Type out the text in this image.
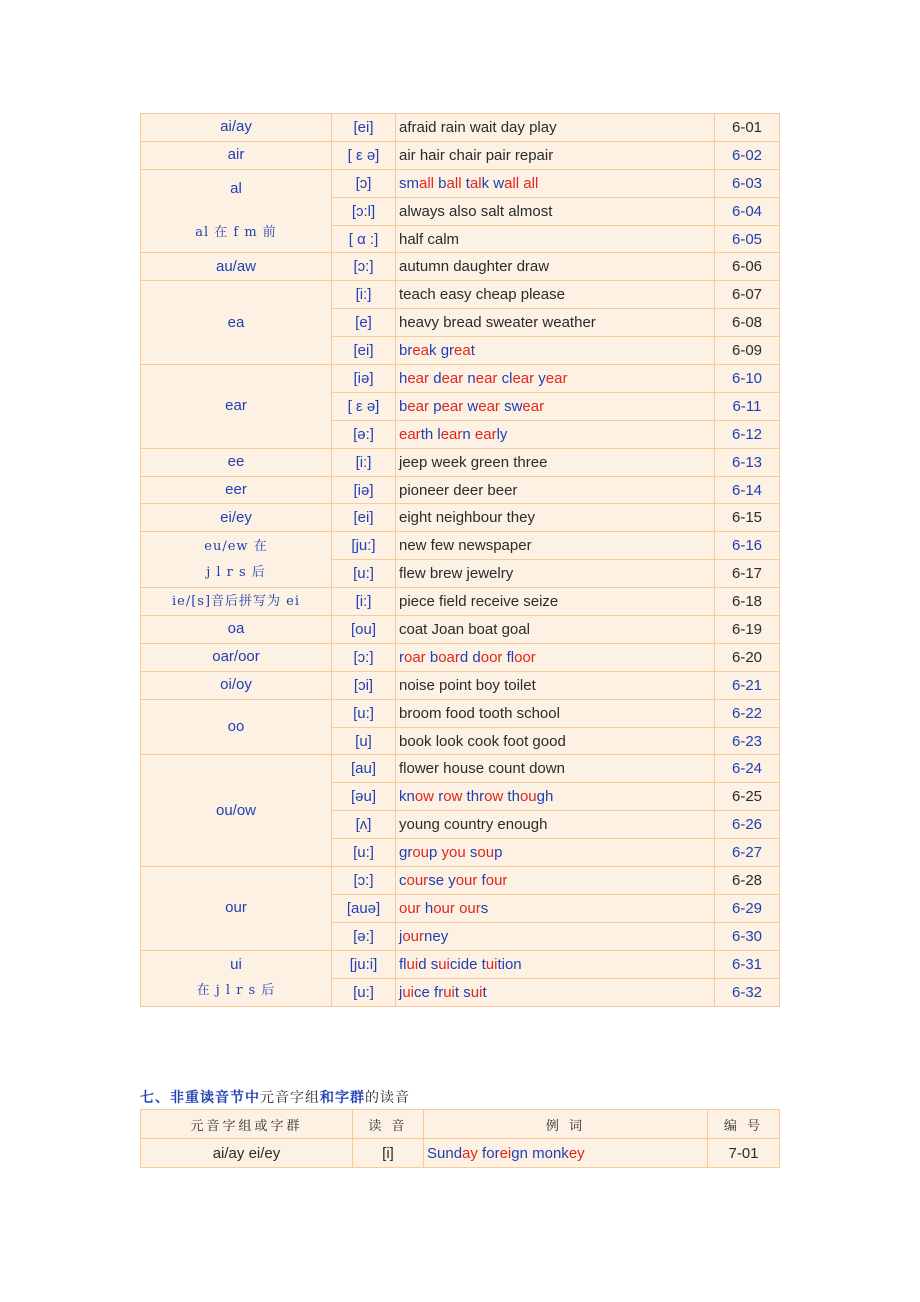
ai/ay	[ei]	afraid rain wait day play	6-01

air	[ ε ə]	air hair chair pair repair	6-02

al
al 在 f m 前	[ɔ]	small ball talk wall all	6-03
	[ɔ:l]	always also salt almost	6-04
	[ α :]	half calm	6-05

au/aw	[ɔ:]	autumn daughter draw	6-06

ea	[i:]	teach easy cheap please	6-07
	[e]	heavy bread sweater weather	6-08
	[ei]	break great	6-09

ear	[iə]	hear dear near clear year	6-10
	[ ε ə]	bear pear wear swear	6-11
	[ə:]	earth learn early	6-12

ee	[i:]	jeep week green three	6-13

eer	[iə]	pioneer deer beer	6-14

ei/ey	[ei]	eight neighbour they	6-15

eu/ew 在
j l r s 后	[ju:]	new few newspaper	6-16
	[u:]	flew brew jewelry	6-17

ie/[s]音后拼写为 ei	[i:]	piece field receive seize	6-18

oa	[ou]	coat Joan boat goal	6-19

oar/oor	[ɔ:]	roar board door floor	6-20

oi/oy	[ɔi]	noise point boy toilet	6-21

oo	[u:]	broom food tooth school	6-22
	[u]	book look cook foot good	6-23

ou/ow	[au]	flower house count down	6-24
	[əu]	know row throw though	6-25
	[ʌ]	young country enough	6-26
	[u:]	group you soup	6-27

our	[ɔ:]	course your four	6-28
	[auə]	our hour ours	6-29
	[ə:]	journey	6-30

ui
在 j l r s 后	[ju:i]	fluid suicide tuition	6-31
	[u:]	juice fruit suit	6-32
七、非重读音节中元音字组和字群的读音
元音字组或字群	读 音	例 词	编 号
ai/ay ei/ey	[i]	Sunday foreign monkey	7-01
